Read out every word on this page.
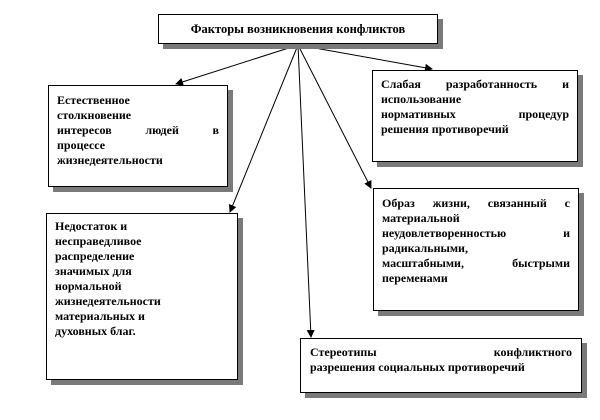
Факторы возникновения конфликтов
Естественное
столкновение
интересов людей в
процессе
жизнедеятельности
Слабая разработанность и
использование
нормативных процедур
решения противоречий
Недостаток и
несправедливое
распределение
значимых для
нормальной
жизнедеятельности
материальных и
духовных благ.
Образ жизни, связанный с
материальной
неудовлетворенностью и
радикальными,
масштабными, быстрыми
переменами
Стереотипы конфликтного
разрешения социальных противоречий
